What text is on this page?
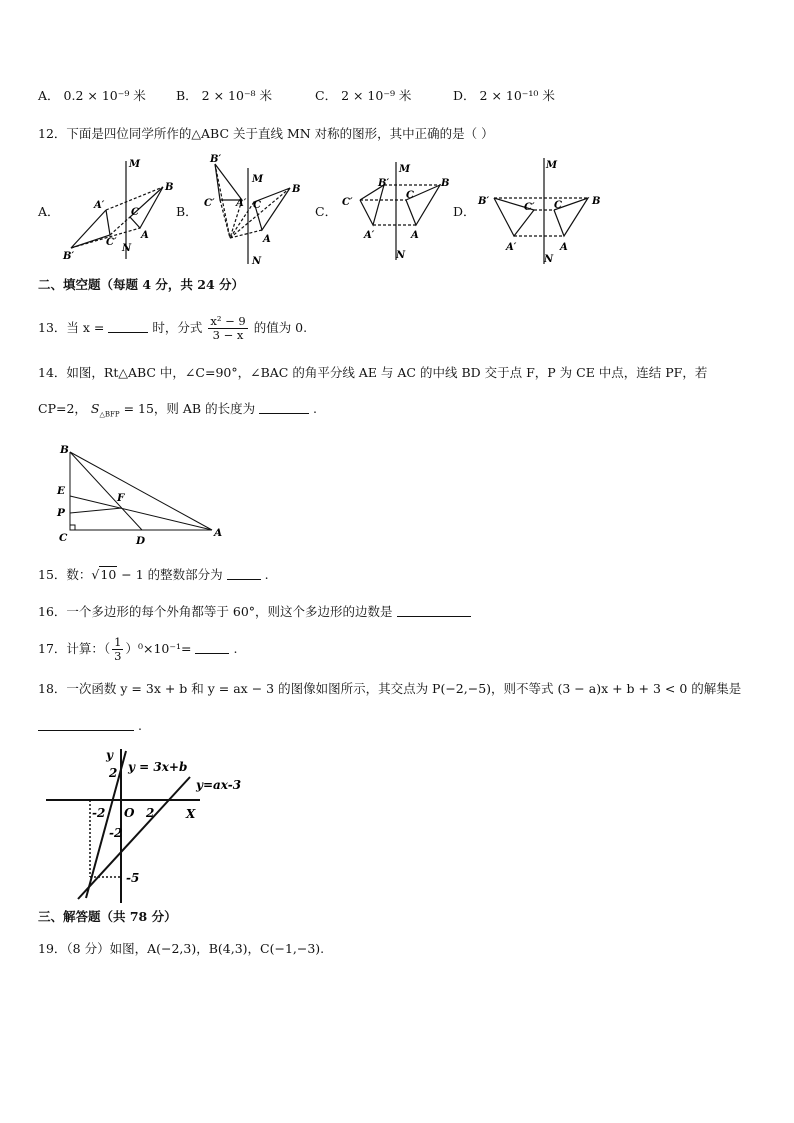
A． 0.2 × 10⁻⁹ 米 B． 2 × 10⁻⁸ 米	C． 2 × 10⁻⁹ 米	D． 2 × 10⁻¹⁰ 米
12．下面是四位同学所作的△ABC 关于直线 MN 对称的图形，其中正确的是（ ）
A．	B．	C．	D．
M
N
B
C
A
A′
B′
C′
B′
M
N
B
C′ A′ C
A
M
N
B′	B
C′
C
A′	A
M
N
B′	B
C′ C
A′	A
二、填空题（每题 4 分，共 24 分）
13．当 x =	时，分式 $\frac{\text{x² − 9}}{3 - x}$ 的值为 0.
14．如图，Rt△ABC 中，∠C=90°，∠BAC 的角平分线 AE 与 AC 的中线 BD 交于点 F，P 为 CE 中点，连结 PF，若
CP=2， $S_{\triangle BFP} = 15$，则 AB 的长度为	.
B
E
F
P
C	D
A
15．数：√10 − 1 的整数部分为	.
16．一个多边形的每个外角都等于 60°，则这个多边形的边数是
17．计算：（ $\frac{1}{3} )^0\times 10^{-1}=$	.
18．一次函数 y = 3x + b 和 y = ax − 3 的图像如图所示，其交点为 P(−2,−5)，则不等式 (3 − a)x + b + 3 < 0 的解集是
.
y
X
O
y = 3x+b
y=ax-3
2
-2
-2
2
-5
三、解答题（共 78 分）
19．（8 分）如图，A(−2,3)，B(4,3)，C(−1,−3).
